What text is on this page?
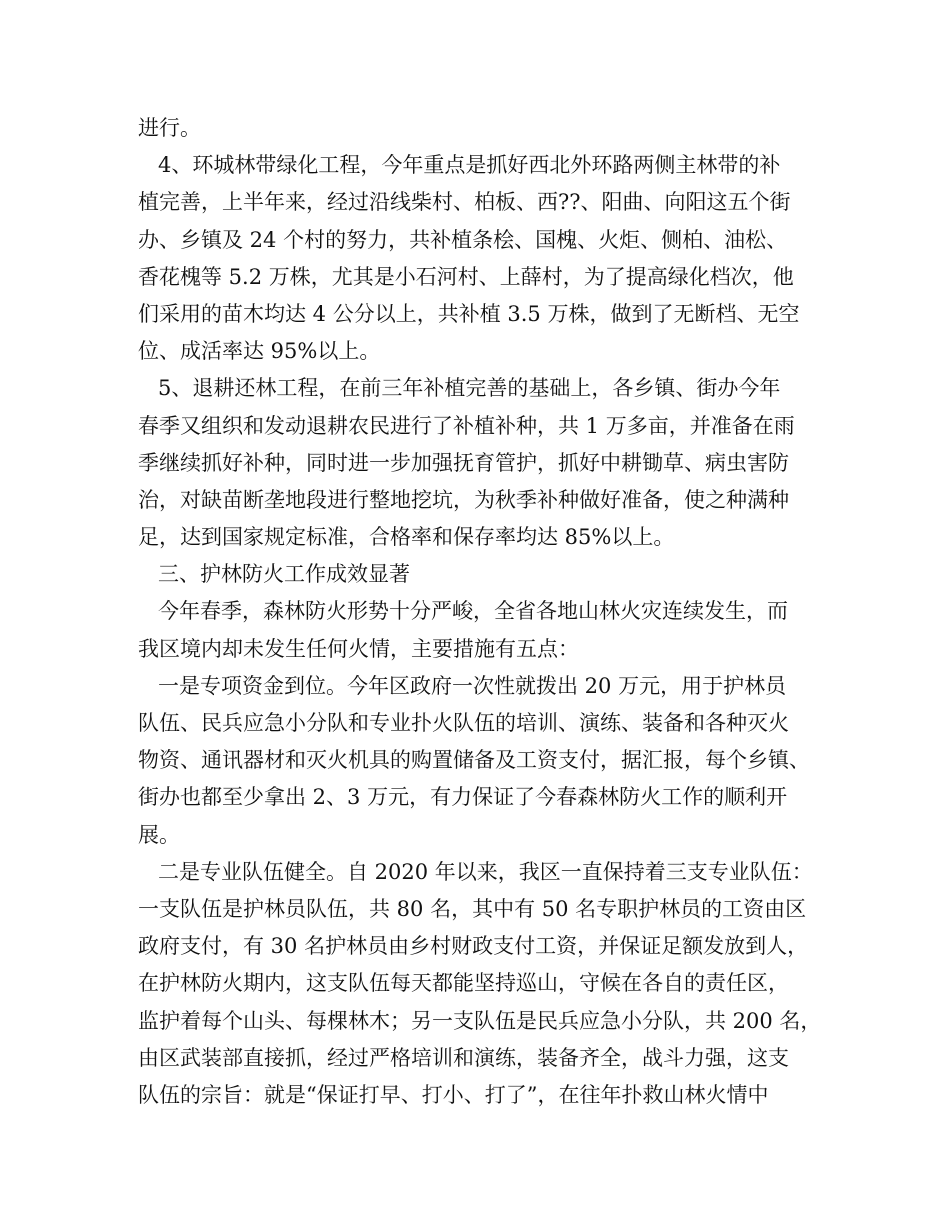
进行。
4、环城林带绿化工程，今年重点是抓好西北外环路两侧主林带的补
植完善，上半年来，经过沿线柴村、柏板、西??、阳曲、向阳这五个街
办、乡镇及 24 个村的努力，共补植条桧、国槐、火炬、侧柏、油松、
香花槐等 5.2 万株，尤其是小石河村、上薛村，为了提高绿化档次，他
们采用的苗木均达 4 公分以上，共补植 3.5 万株，做到了无断档、无空
位、成活率达 95%以上。
5、退耕还林工程，在前三年补植完善的基础上，各乡镇、街办今年
春季又组织和发动退耕农民进行了补植补种，共 1 万多亩，并准备在雨
季继续抓好补种，同时进一步加强抚育管护，抓好中耕锄草、病虫害防
治，对缺苗断垄地段进行整地挖坑，为秋季补种做好准备，使之种满种
足，达到国家规定标准，合格率和保存率均达 85%以上。
三、护林防火工作成效显著
今年春季，森林防火形势十分严峻，全省各地山林火灾连续发生，而
我区境内却未发生任何火情，主要措施有五点：
一是专项资金到位。今年区政府一次性就拨出 20 万元，用于护林员
队伍、民兵应急小分队和专业扑火队伍的培训、演练、装备和各种灭火
物资、通讯器材和灭火机具的购置储备及工资支付，据汇报，每个乡镇、
街办也都至少拿出 2、3 万元，有力保证了今春森林防火工作的顺利开
展。
二是专业队伍健全。自 2020 年以来，我区一直保持着三支专业队伍：
一支队伍是护林员队伍，共 80 名，其中有 50 名专职护林员的工资由区
政府支付，有 30 名护林员由乡村财政支付工资，并保证足额发放到人，
在护林防火期内，这支队伍每天都能坚持巡山，守候在各自的责任区，
监护着每个山头、每棵林木；另一支队伍是民兵应急小分队，共 200 名，
由区武装部直接抓，经过严格培训和演练，装备齐全，战斗力强，这支
队伍的宗旨：就是“保证打早、打小、打了”，在往年扑救山林火情中
